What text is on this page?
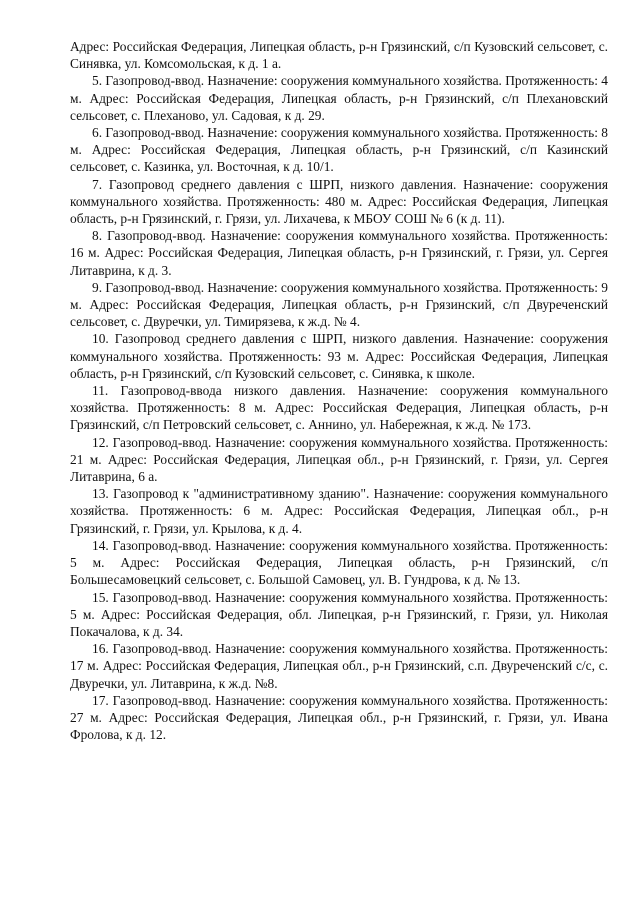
Адрес: Российская Федерация, Липецкая область, р-н Грязинский, с/п Кузовский сельсовет, с. Синявка, ул. Комсомольская, к д. 1 а.

5. Газопровод-ввод. Назначение: сооружения коммунального хозяйства. Протяженность: 4 м. Адрес: Российская Федерация, Липецкая область, р-н Грязинский, с/п Плехановский сельсовет, с. Плеханово, ул. Садовая, к д. 29.

6. Газопровод-ввод. Назначение: сооружения коммунального хозяйства. Протяженность: 8 м. Адрес: Российская Федерация, Липецкая область, р-н Грязинский, с/п Казинский сельсовет, с. Казинка, ул. Восточная, к д. 10/1.

7. Газопровод среднего давления с ШРП, низкого давления. Назначение: сооружения коммунального хозяйства. Протяженность: 480 м. Адрес: Российская Федерация, Липецкая область, р-н Грязинский, г. Грязи, ул. Лихачева, к МБОУ СОШ № 6 (к д. 11).

8. Газопровод-ввод. Назначение: сооружения коммунального хозяйства. Протяженность: 16 м. Адрес: Российская Федерация, Липецкая область, р-н Грязинский, г. Грязи, ул. Сергея Литаврина, к д. 3.

9. Газопровод-ввод. Назначение: сооружения коммунального хозяйства. Протяженность: 9 м. Адрес: Российская Федерация, Липецкая область, р-н Грязинский, с/п Двуреченский сельсовет, с. Двуречки, ул. Тимирязева, к ж.д. № 4.

10. Газопровод среднего давления с ШРП, низкого давления. Назначение: сооружения коммунального хозяйства. Протяженность: 93 м. Адрес: Российская Федерация, Липецкая область, р-н Грязинский, с/п Кузовский сельсовет, с. Синявка, к школе.

11. Газопровод-ввода низкого давления. Назначение: сооружения коммунального хозяйства. Протяженность: 8 м. Адрес: Российская Федерация, Липецкая область, р-н Грязинский, с/п Петровский сельсовет, с. Аннино, ул. Набережная, к ж.д. № 173.

12. Газопровод-ввод. Назначение: сооружения коммунального хозяйства. Протяженность: 21 м. Адрес: Российская Федерация, Липецкая обл., р-н Грязинский, г. Грязи, ул. Сергея Литаврина, 6 а.

13. Газопровод к "административному зданию". Назначение: сооружения коммунального хозяйства. Протяженность: 6 м. Адрес: Российская Федерация, Липецкая обл., р-н Грязинский, г. Грязи, ул. Крылова, к д. 4.

14. Газопровод-ввод. Назначение: сооружения коммунального хозяйства. Протяженность: 5 м. Адрес: Российская Федерация, Липецкая область, р-н Грязинский, с/п Большесамовецкий сельсовет, с. Большой Самовец, ул. В. Гундрова, к д. № 13.

15. Газопровод-ввод. Назначение: сооружения коммунального хозяйства. Протяженность: 5 м. Адрес: Российская Федерация, обл. Липецкая, р-н Грязинский, г. Грязи, ул. Николая Покачалова, к д. 34.

16. Газопровод-ввод. Назначение: сооружения коммунального хозяйства. Протяженность: 17 м. Адрес: Российская Федерация, Липецкая обл., р-н Грязинский, с.п. Двуреченский с/с, с. Двуречки, ул. Литаврина, к ж.д. №8.

17. Газопровод-ввод. Назначение: сооружения коммунального хозяйства. Протяженность: 27 м. Адрес: Российская Федерация, Липецкая обл., р-н Грязинский, г. Грязи, ул. Ивана Фролова, к д. 12.
